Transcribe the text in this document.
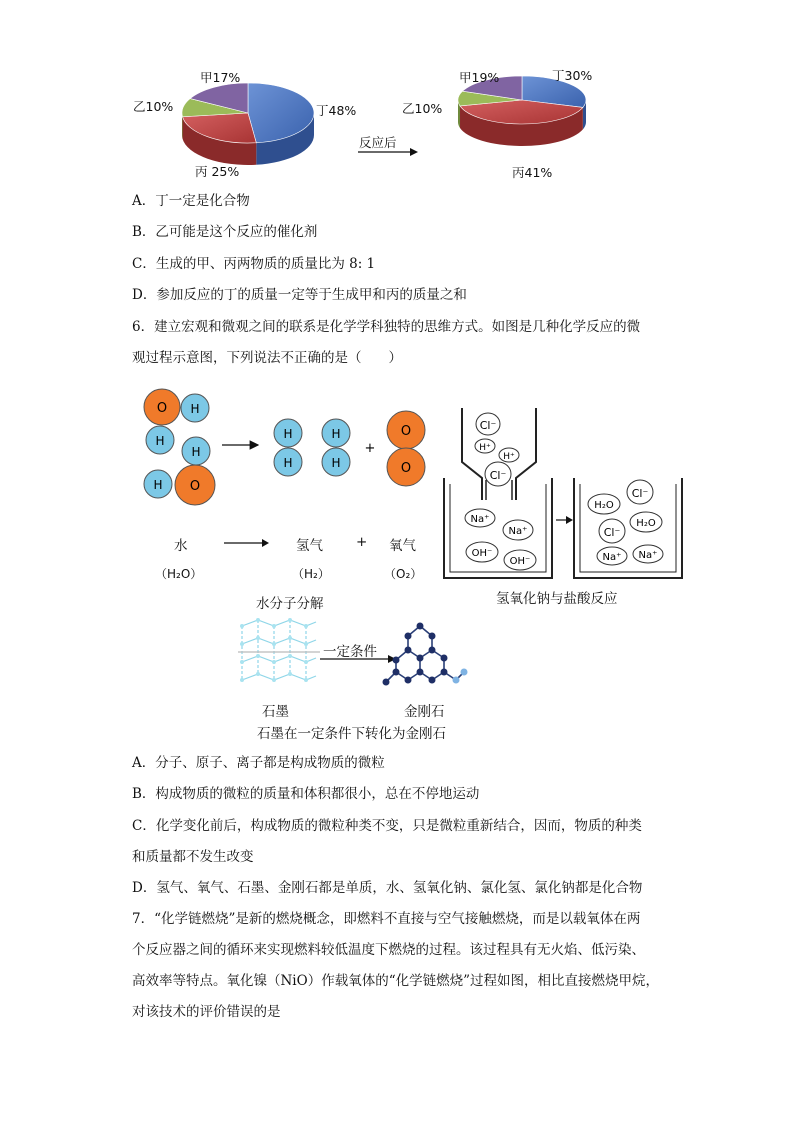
甲17%
乙10%	丁48%
丙 25%
反应后
甲19%
乙10%
丁30%
丙41%
A．丁一定是化合物
B．乙可能是这个反应的催化剂
C．生成的甲、丙两物质的质量比为 8: 1
D．参加反应的丁的质量一定等于生成甲和丙的质量之和
6．建立宏观和微观之间的联系是化学学科独特的思维方式。如图是几种化学反应的微
观过程示意图，下列说法不正确的是（　　）
O H
H
H
H O
H
H
H
H
+
O
O
水	氢气 + 氧气
（H₂O）	（H₂）	（O₂）
水分子分解
Cl⁻
H⁺
H⁺
Cl⁻
Na⁺
Na⁺
OH⁻
OH⁻
H₂O
Cl⁻
Cl⁻
H₂O
Na⁺ Na⁺
氢氧化钠与盐酸反应
一定条件
石墨	金刚石
石墨在一定条件下转化为金刚石
A．分子、原子、离子都是构成物质的微粒
B．构成物质的微粒的质量和体积都很小，总在不停地运动
C．化学变化前后，构成物质的微粒种类不变，只是微粒重新结合，因而，物质的种类
和质量都不发生改变
D．氢气、氧气、石墨、金刚石都是单质，水、氢氧化钠、氯化氢、氯化钠都是化合物
7．“化学链燃烧”是新的燃烧概念，即燃料不直接与空气接触燃烧，而是以载氧体在两
个反应器之间的循环来实现燃料较低温度下燃烧的过程。该过程具有无火焰、低污染、
高效率等特点。氧化镍（NiO）作载氧体的“化学链燃烧”过程如图，相比直接燃烧甲烷，
对该技术的评价错误的是
